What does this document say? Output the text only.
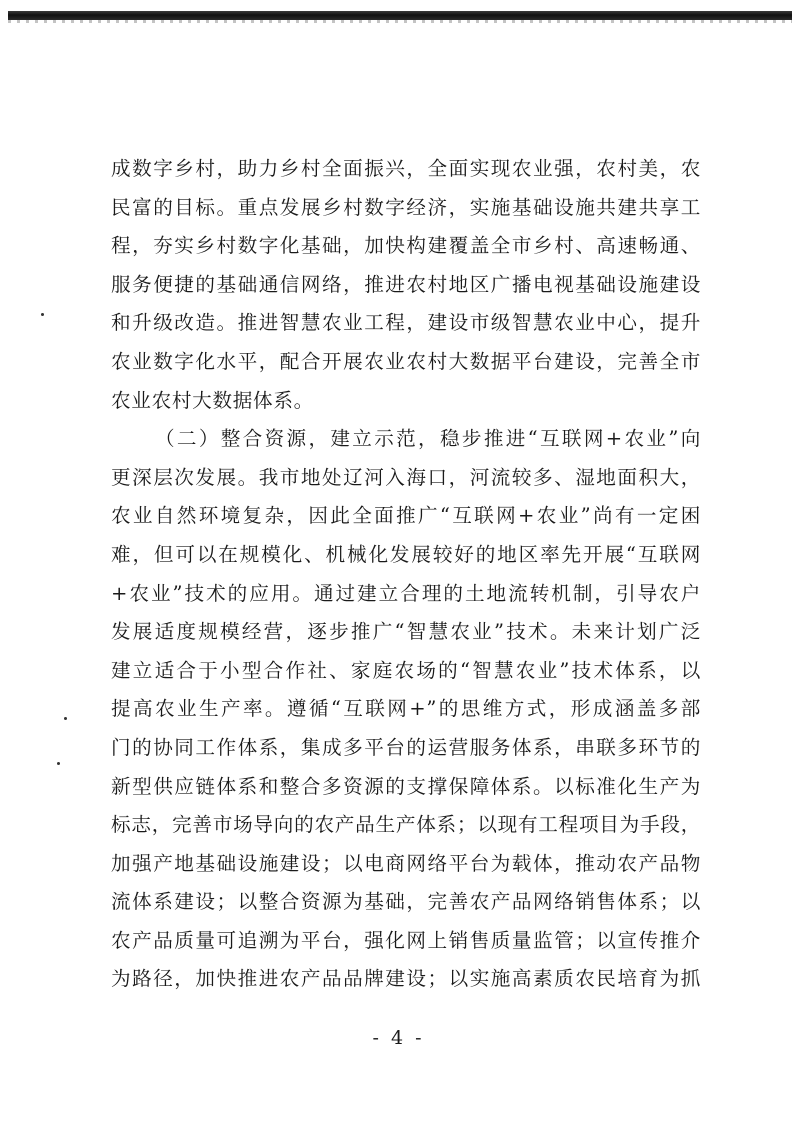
成数字乡村，助力乡村全面振兴，全面实现农业强，农村美，农
民富的目标。重点发展乡村数字经济，实施基础设施共建共享工
程，夯实乡村数字化基础，加快构建覆盖全市乡村、高速畅通、
服务便捷的基础通信网络，推进农村地区广播电视基础设施建设
和升级改造。推进智慧农业工程，建设市级智慧农业中心，提升
农业数字化水平，配合开展农业农村大数据平台建设，完善全市
农业农村大数据体系。

（二）整合资源，建立示范，稳步推进“互联网+农业”向
更深层次发展。我市地处辽河入海口，河流较多、湿地面积大，
农业自然环境复杂，因此全面推广“互联网+农业”尚有一定困
难，但可以在规模化、机械化发展较好的地区率先开展“互联网
+农业”技术的应用。通过建立合理的土地流转机制，引导农户
发展适度规模经营，逐步推广“智慧农业”技术。未来计划广泛
建立适合于小型合作社、家庭农场的“智慧农业”技术体系，以
提高农业生产率。遵循“互联网+”的思维方式，形成涵盖多部
门的协同工作体系，集成多平台的运营服务体系，串联多环节的
新型供应链体系和整合多资源的支撑保障体系。以标准化生产为
标志，完善市场导向的农产品生产体系；以现有工程项目为手段，
加强产地基础设施建设；以电商网络平台为载体，推动农产品物
流体系建设；以整合资源为基础，完善农产品网络销售体系；以
农产品质量可追溯为平台，强化网上销售质量监管；以宣传推介
为路径，加快推进农产品品牌建设；以实施高素质农民培育为抓

- 4 -
